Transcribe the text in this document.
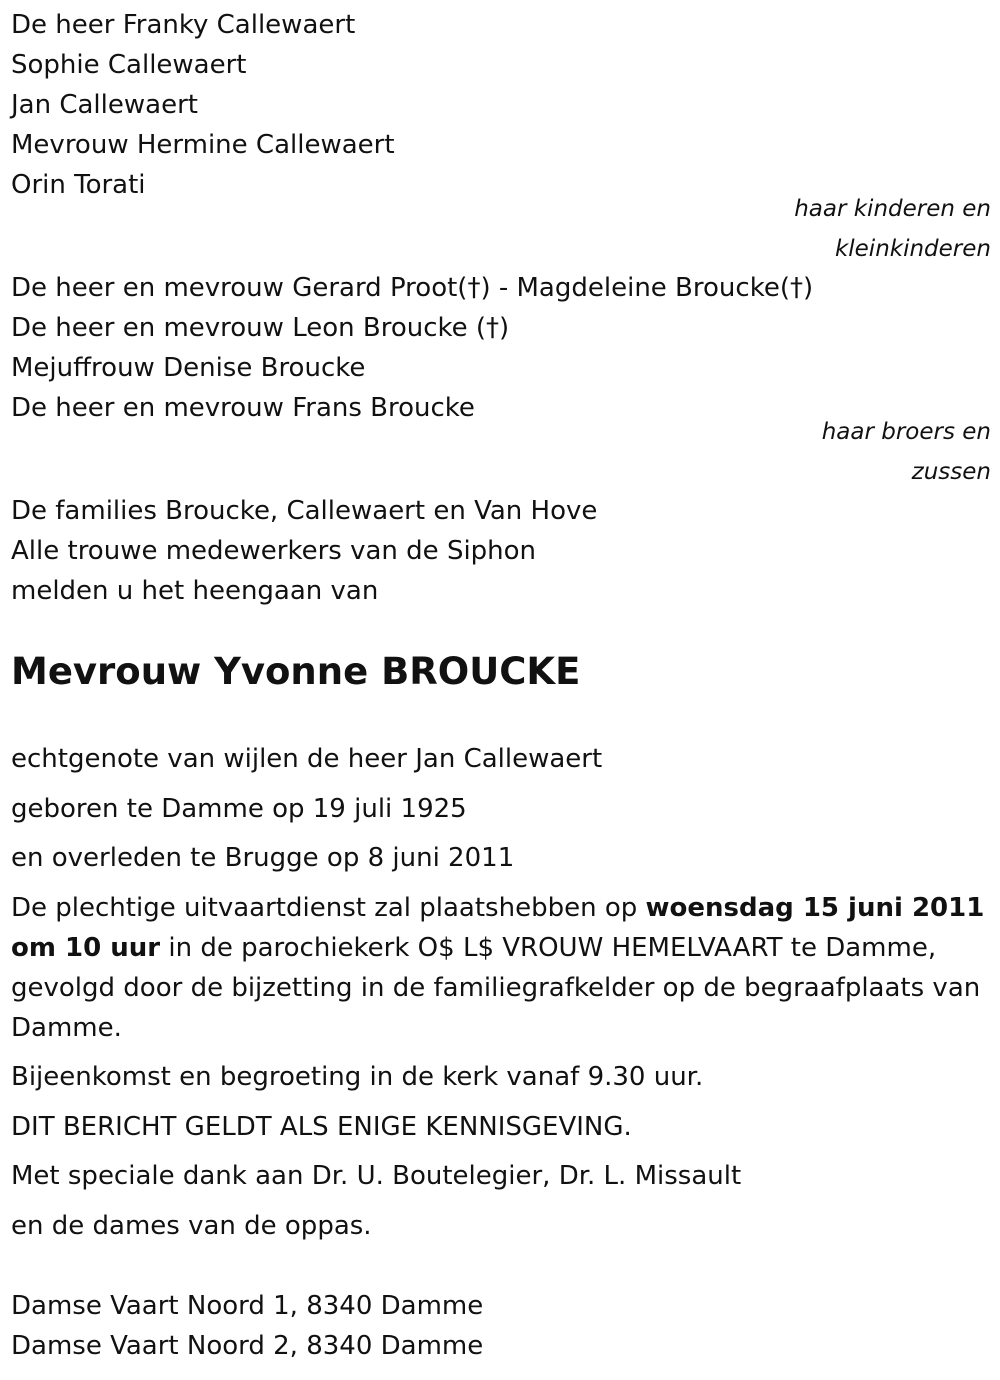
De heer Franky Callewaert
Sophie Callewaert
Jan Callewaert
Mevrouw Hermine Callewaert
Orin Torati
haar kinderen en
kleinkinderen
De heer en mevrouw Gerard Proot(†) - Magdeleine Broucke(†)
De heer en mevrouw Leon Broucke (†)
Mejuffrouw Denise Broucke
De heer en mevrouw Frans Broucke
haar broers en
zussen
De families Broucke, Callewaert en Van Hove
Alle trouwe medewerkers van de Siphon
melden u het heengaan van
Mevrouw Yvonne BROUCKE
echtgenote van wijlen de heer Jan Callewaert
geboren te Damme op 19 juli 1925
en overleden te Brugge op 8 juni 2011
De plechtige uitvaartdienst zal plaatshebben op woensdag 15 juni 2011 om 10 uur in de parochiekerk O$ L$ VROUW HEMELVAART te Damme, gevolgd door de bijzetting in de familiegrafkelder op de begraafplaats van Damme.
Bijeenkomst en begroeting in de kerk vanaf 9.30 uur.
DIT BERICHT GELDT ALS ENIGE KENNISGEVING.
Met speciale dank aan Dr. U. Boutelegier, Dr. L. Missault
en de dames van de oppas.
Damse Vaart Noord 1, 8340 Damme
Damse Vaart Noord 2, 8340 Damme
